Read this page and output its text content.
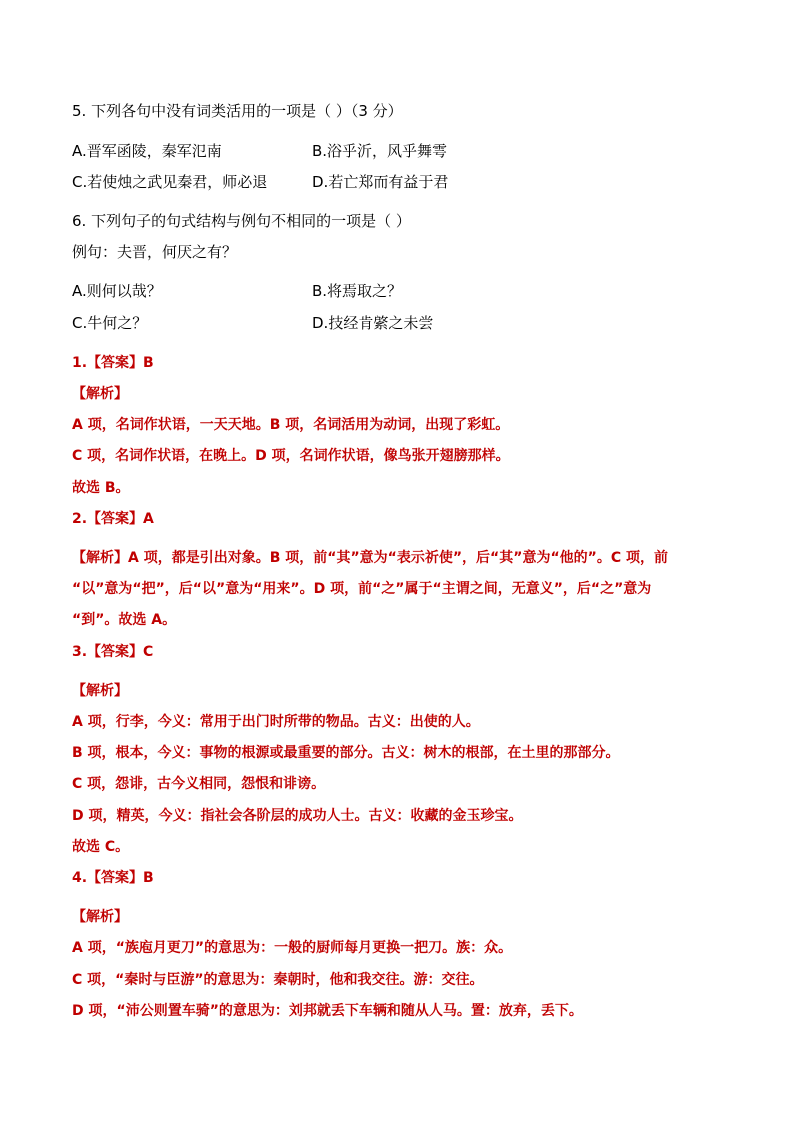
5. 下列各句中没有词类活用的一项是（ ）（3 分）
A.晋军函陵，秦军氾南	B.浴乎沂，风乎舞雩
C.若使烛之武见秦君，师必退	D.若亡郑而有益于君
6. 下列句子的句式结构与例句不相同的一项是（ ）
例句：夫晋，何厌之有？
A.则何以哉？	B.将焉取之？
C.牛何之？	D.技经肯綮之未尝
1.【答案】B
【解析】
A 项，名词作状语，一天天地。B 项，名词活用为动词，出现了彩虹。
C 项，名词作状语，在晚上。D 项，名词作状语，像鸟张开翅膀那样。
故选 B。
2.【答案】A
【解析】A 项，都是引出对象。B 项，前“其”意为“表示祈使”，后“其”意为“他的”。C 项，前
“以”意为“把”，后“以”意为“用来”。D 项，前“之”属于“主谓之间，无意义”，后“之”意为
“到”。故选 A。
3.【答案】C
【解析】
A 项，行李，今义：常用于出门时所带的物品。古义：出使的人。
B 项，根本，今义：事物的根源或最重要的部分。古义：树木的根部，在土里的那部分。
C 项，怨诽，古今义相同，怨恨和诽谤。
D 项，精英，今义：指社会各阶层的成功人士。古义：收藏的金玉珍宝。
故选 C。
4.【答案】B
【解析】
A 项，“族庖月更刀”的意思为：一般的厨师每月更换一把刀。族：众。
C 项，“秦时与臣游”的意思为：秦朝时，他和我交往。游：交往。
D 项，“沛公则置车骑”的意思为：刘邦就丢下车辆和随从人马。置：放弃，丢下。
